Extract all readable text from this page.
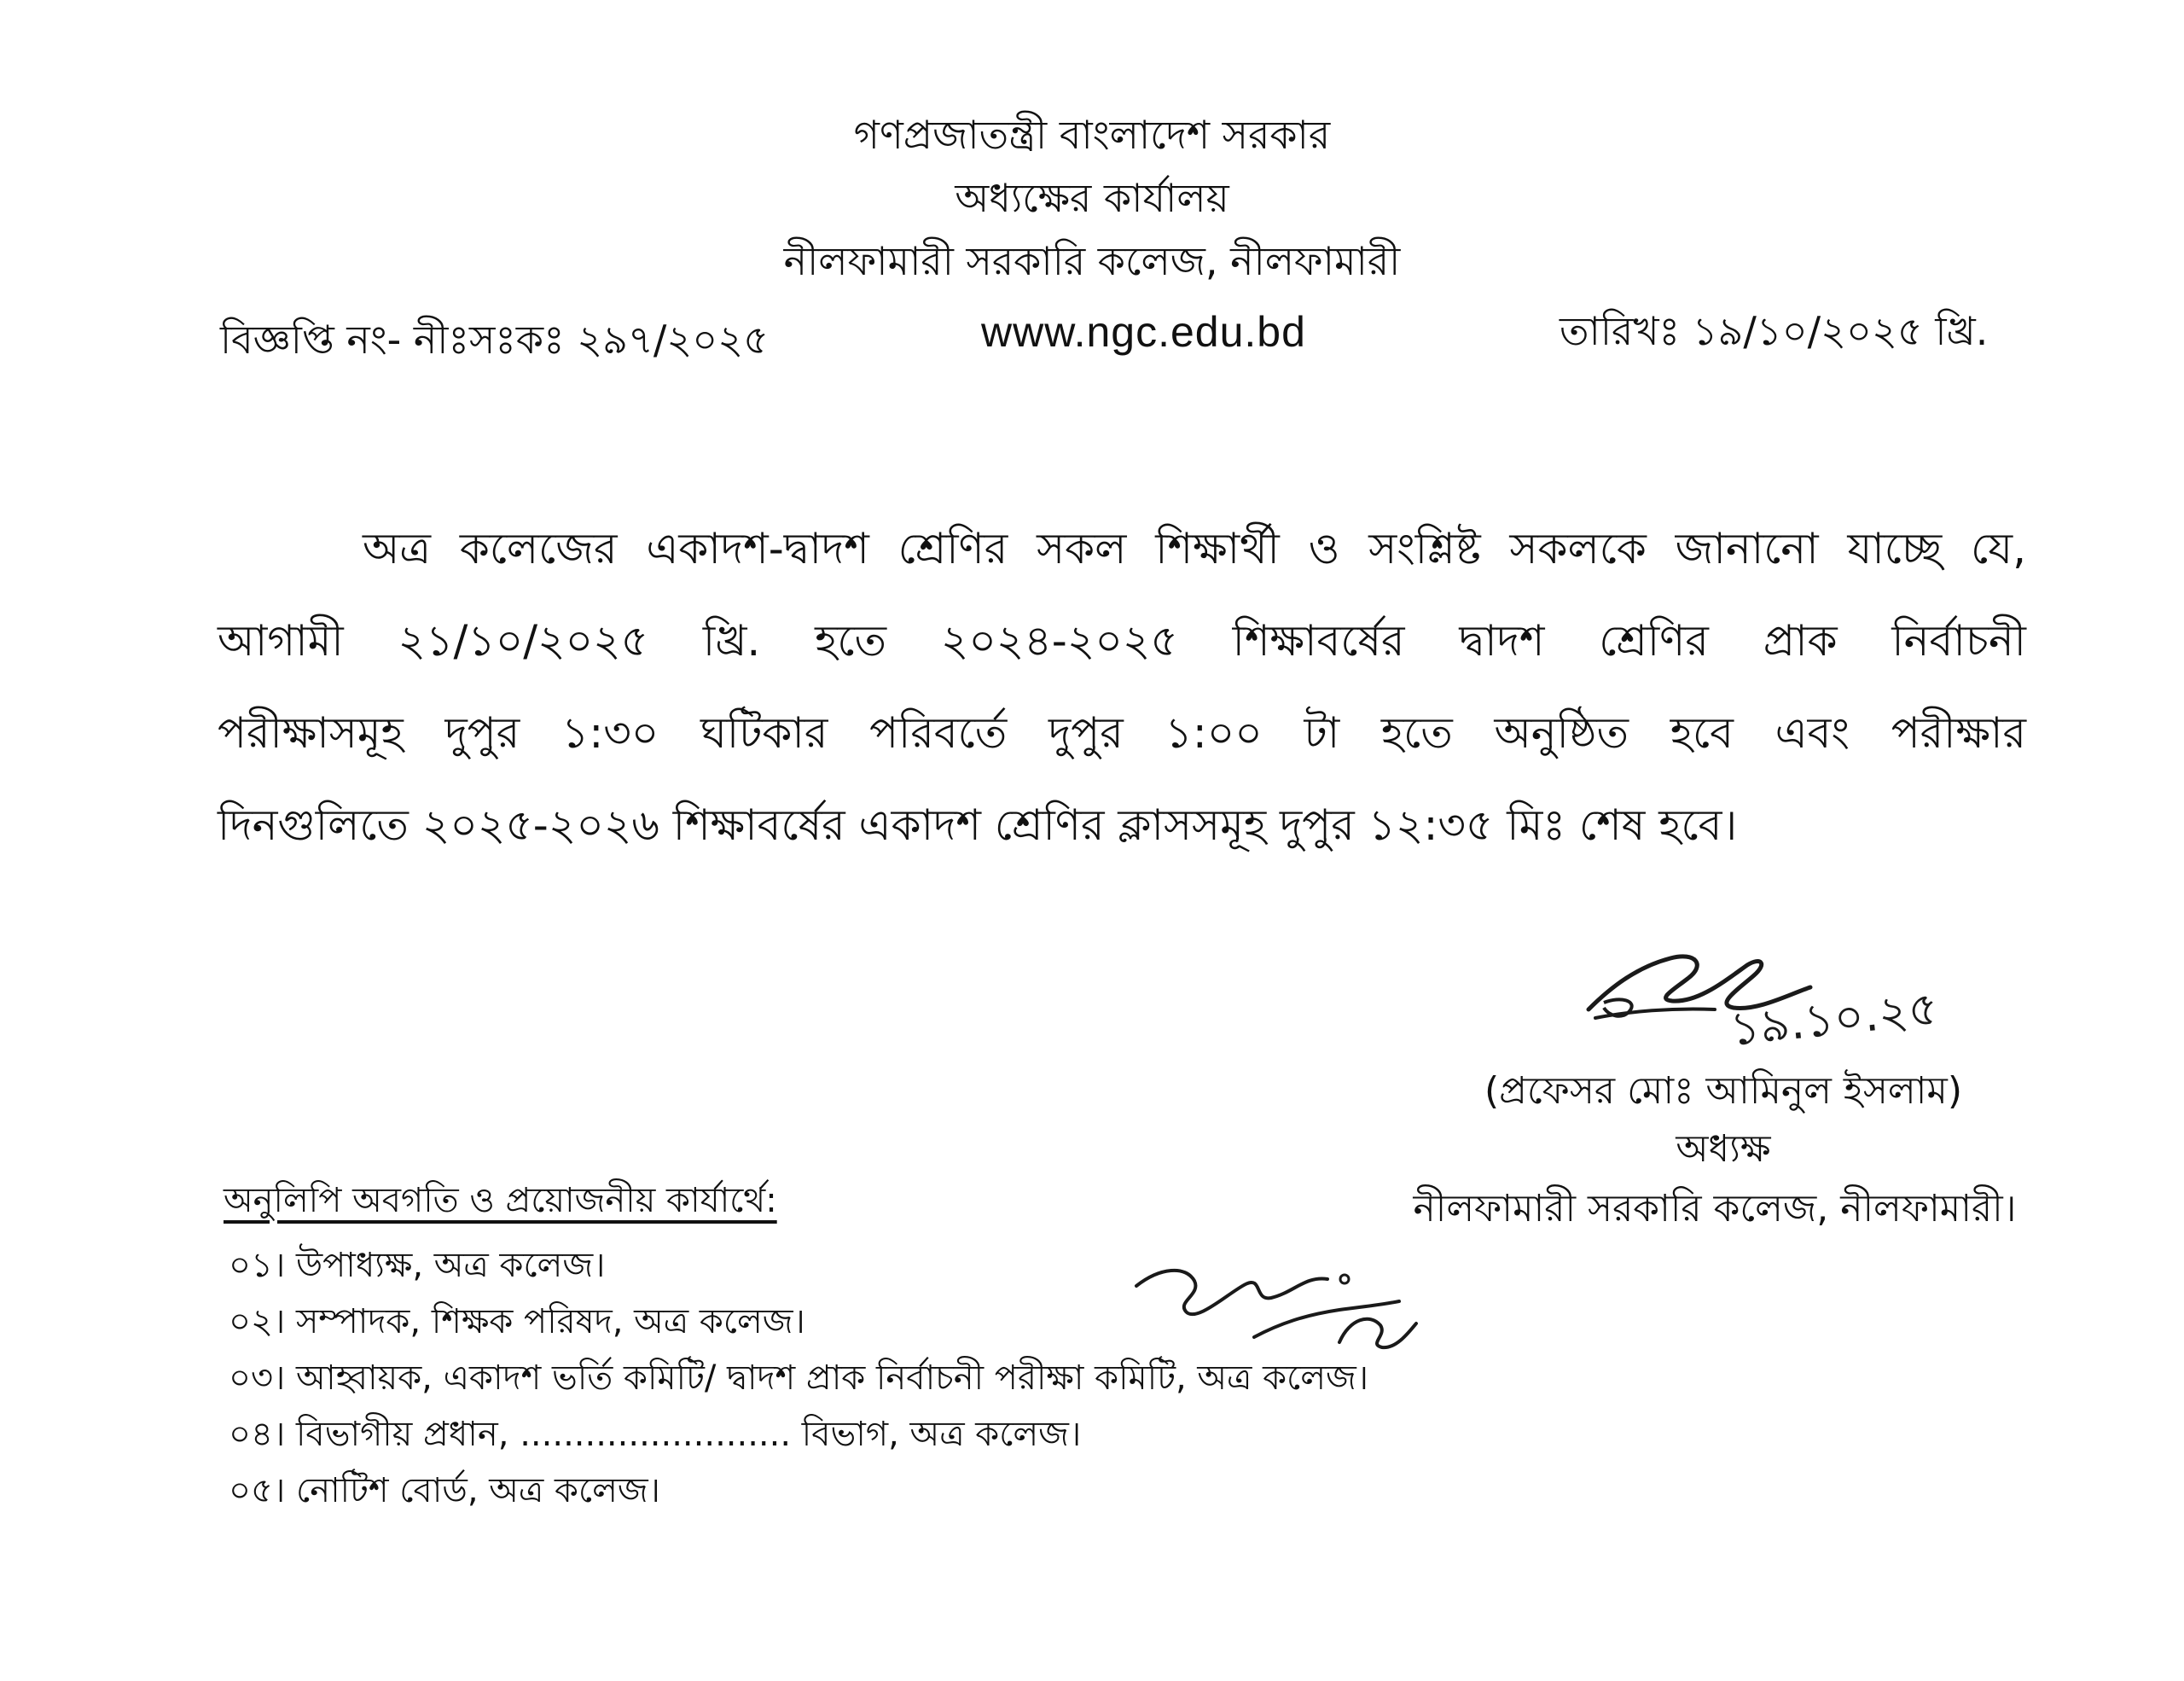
গণপ্রজাতন্ত্রী বাংলাদেশ সরকার
অধ্যক্ষের কার্যালয়
নীলফামারী সরকারি কলেজ, নীলফামারী
বিজ্ঞপ্তি নং- নীঃসঃকঃ ২৯৭/২০২৫	www.ngc.edu.bd	তারিখঃ ১৯/১০/২০২৫ খ্রি.
অত্র কলেজের একাদশ-দ্বাদশ শ্রেণির সকল শিক্ষার্থী ও সংশ্লিষ্ট সকলকে জানানো যাচ্ছে যে,
আগামী ২১/১০/২০২৫ খ্রি. হতে ২০২৪-২০২৫ শিক্ষাবর্ষের দ্বাদশ শ্রেণির প্রাক নির্বাচনী
পরীক্ষাসমূহ দুপুর ১:৩০ ঘটিকার পরিবর্তে দুপুর ১:০০ টা হতে অনুষ্ঠিত হবে এবং পরীক্ষার
দিনগুলিতে ২০২৫-২০২৬ শিক্ষাবর্ষের একাদশ শ্রেণির ক্লাসসমূহ দুপুর ১২:৩৫ মিঃ শেষ হবে।
১৯.১০.২৫
(প্রফেসর মোঃ আমিনুল ইসলাম)
অধ্যক্ষ
নীলফামারী সরকারি কলেজ, নীলফামারী।
অনুলিপি অবগতি ও প্রয়োজনীয় কার্যার্থে:
০১। উপাধ্যক্ষ, অত্র কলেজ।
০২। সম্পাদক, শিক্ষক পরিষদ, অত্র কলেজ।
০৩। আহ্বায়ক, একাদশ ভর্তি কমিটি/ দ্বাদশ প্রাক নির্বাচনী পরীক্ষা কমিটি, অত্র কলেজ।
০৪। বিভাগীয় প্রধান, ......................... বিভাগ, অত্র কলেজ।
০৫। নোটিশ বোর্ড, অত্র কলেজ।
